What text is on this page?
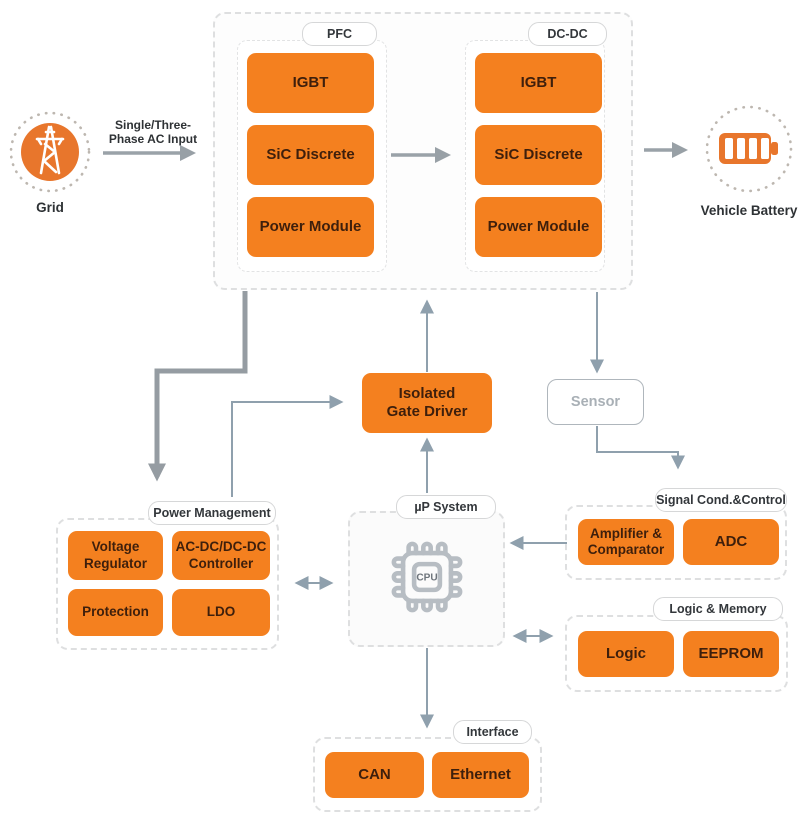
PFC
IGBT
SiC Discrete
Power Module
DC-DC
IGBT
SiC Discrete
Power Module
Grid
Single/Three-
Phase AC Input
Vehicle Battery
Isolated
Gate Driver
Sensor
Power Management
Voltage Regulator
AC-DC/DC-DC Controller
Protection	LDO
µP System
CPU
Signal Cond.&Control
Amplifier & Comparator	ADC
Logic & Memory
Logic	EEPROM
Interface
CAN	Ethernet
